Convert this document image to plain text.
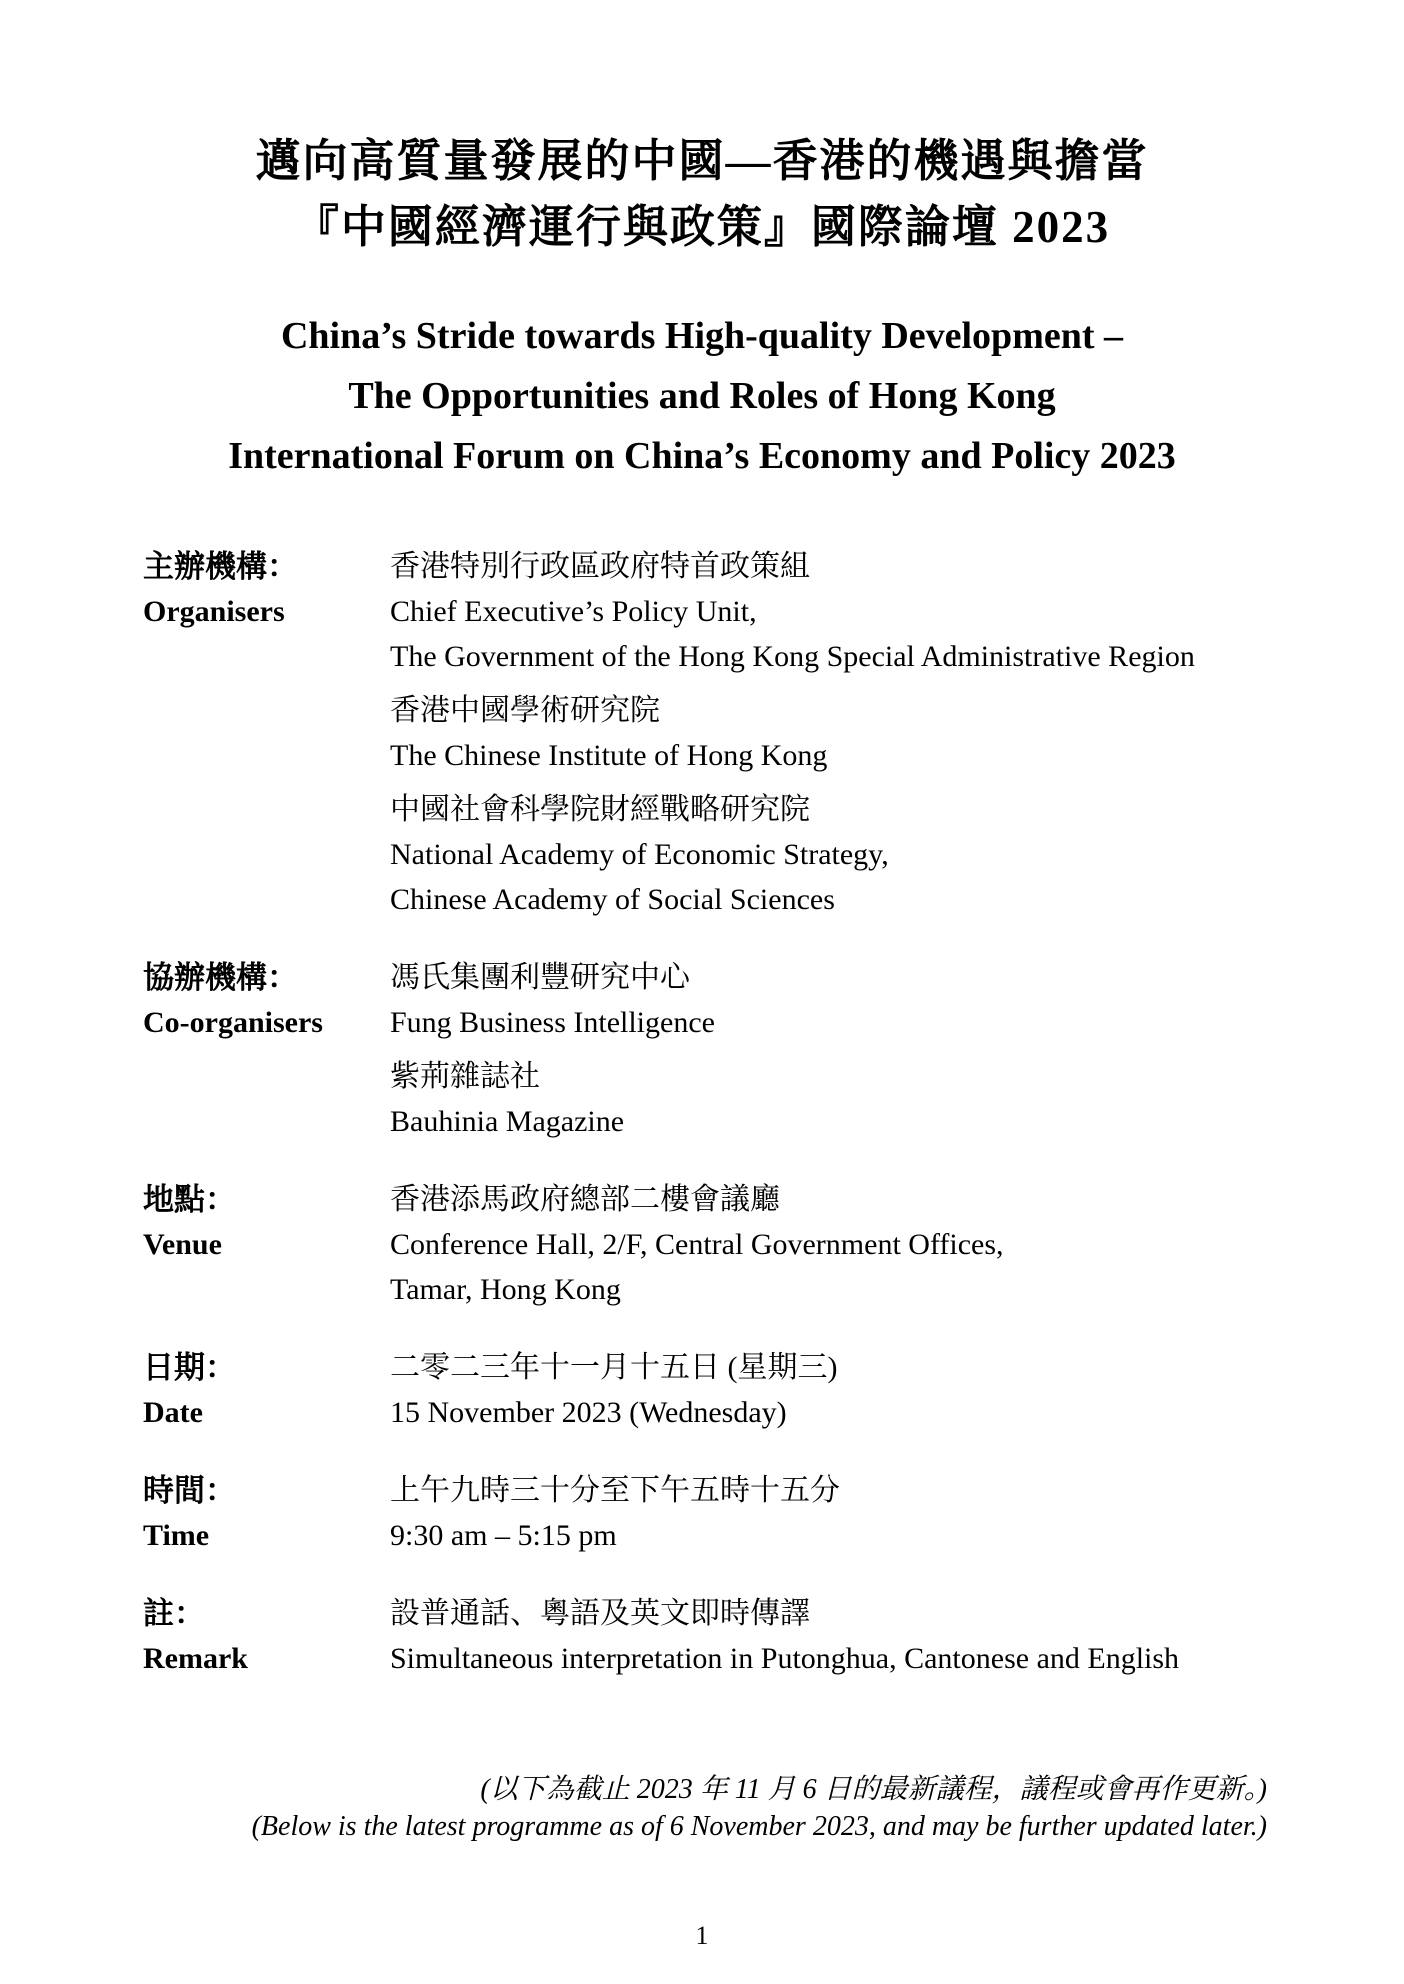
邁向高質量發展的中國—香港的機遇與擔當
『中國經濟運行與政策』國際論壇 2023
China’s Stride towards High-quality Development –
The Opportunities and Roles of Hong Kong
International Forum on China’s Economy and Policy 2023
主辦機構：
Organisers
香港特別行政區政府特首政策組
Chief Executive’s Policy Unit,
The Government of the Hong Kong Special Administrative Region
香港中國學術研究院
The Chinese Institute of Hong Kong
中國社會科學院財經戰略研究院
National Academy of Economic Strategy,
Chinese Academy of Social Sciences
協辦機構：
Co-organisers
馮氏集團利豐研究中心
Fung Business Intelligence
紫荊雜誌社
Bauhinia Magazine
地點：
Venue
香港添馬政府總部二樓會議廳
Conference Hall, 2/F, Central Government Offices,
Tamar, Hong Kong
日期：
Date
二零二三年十一月十五日 (星期三)
15 November 2023 (Wednesday)
時間：
Time
上午九時三十分至下午五時十五分
9:30 am – 5:15 pm
註：
Remark
設普通話、粵語及英文即時傳譯
Simultaneous interpretation in Putonghua, Cantonese and English
(以下為截止 2023 年 11 月 6 日的最新議程，議程或會再作更新。)
(Below is the latest programme as of 6 November 2023, and may be further updated later.)
1
